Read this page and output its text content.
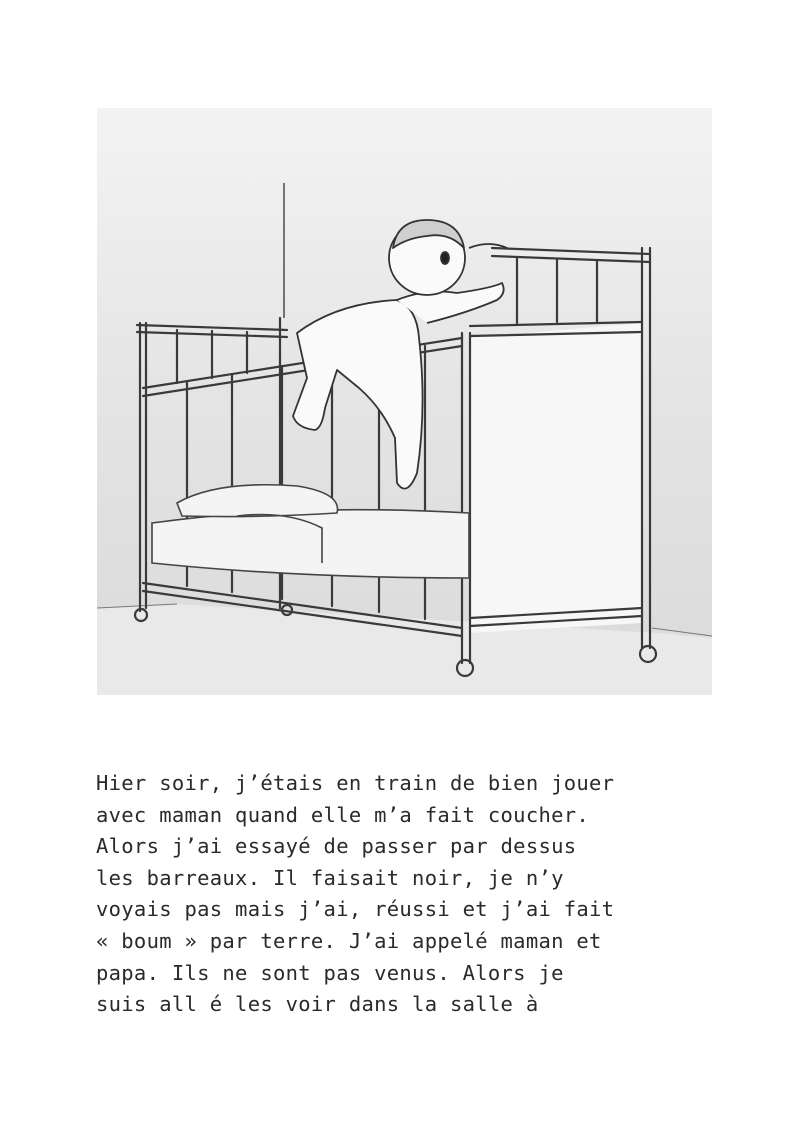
Hier soir, j’étais en train de bien jouer
avec maman quand elle m’a fait coucher.
Alors j’ai essayé de passer par dessus
les barreaux. Il faisait noir, je n’y
voyais pas mais j’ai, réussi et j’ai fait
« boum » par terre. J’ai appelé maman et
papa. Ils ne sont pas venus. Alors je
suis all é les voir dans la salle à
